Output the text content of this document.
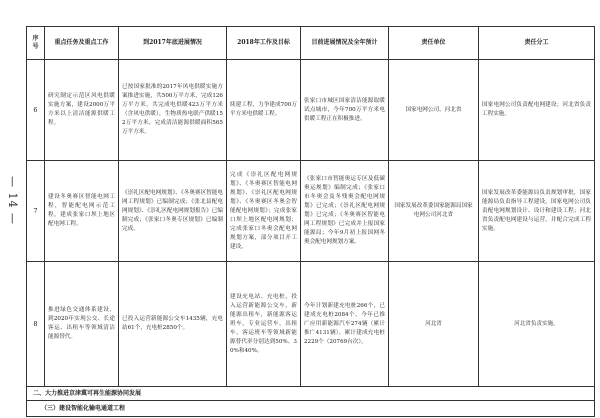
— 14 —
序号	重点任务及重点工作	到2017年底进展情况	2018年工作及目标	目前进展情况及全年预计	责任单位	责任分工
6	研究制定示范区风电供暖实施方案，建设2000万平方米以上清洁能源供暖工程。	已按国家批准的2017年风电供暖实施方案推进实施，共500万平方米，完成126万平方米，共完成电供暖423万平方米（含风电供暖），生物质热电联产供暖152万平方米，完成清洁能源供暖面积565万平方米。	续建工程，力争建成700万平方米电供暖工程。	张家口市城区国家清洁能源取暖试点城市，今年700万平方米电供暖工程正在积极推进。	国家电网公司、河北省	国家电网公司负责配电网建设；河北省负责工程实施。
7	建设冬奥赛区智能电网工程，智能配电网示范工程，建成张家口坝上地区配电网工程。	《崇礼区配电网规划》、《冬奥赛区智能电网工程规划》已编制完成；《张北县配电网规划》、《崇礼区配电网规划报告》已编制完成；《张家口冬奥专区规划》已编制完成。	完成《崇礼区配电网规划》、《冬奥赛区智能电网规划》、《崇礼区配电网规划》、《冬奥赛区冬奥会智能配电网规划》；完成张家口坝上地区配电网规划；完成张家口冬奥会配电网规划方案，部分项目开工建设。	《张家口市智能奥运专区及低碳奥运规划》编制完成；《张家口市冬奥会及冬残奥会配电网规划》已完成；《崇礼区配电网规划》已完成；《冬奥赛区智能电网工程规划》已完成并上报国家能源局；今年9月初上报国网冬奥会配电网规划方案。	国家发展改革委国家能源局国家电网公司河北省	国家发展改革委能源局负责规划审批，国家能源局负责指导工程建设，国家电网公司负责配电网规划设计、设计和建设工程；河北省负责配电网建设与运营，并配合完成工程实施。
8	推进绿色交通体系建设，到2020年实现公交、长途客运、出租车等领域清洁能源替代。	已投入运营新能源公交车1435辆，充电站61个，充电桩2850个。	建设充电站、充电桩，投入运营新能源公交车，新能源出租车，新能源客运班车，专业运营车，出租车，客运班车等领域新能源替代率分别达到50%、30%和40%。	今年计划新建充电桩266个，已建成充电桩2084个，今年已推广应用新能源汽车274辆（累计推广4131辆），累计建成充电桩2229个（20769台次）。	河北省	河北省负责实施。
二、大力推进京津冀可再生能源协同发展						
（三）建设智能化输电通道工程						
